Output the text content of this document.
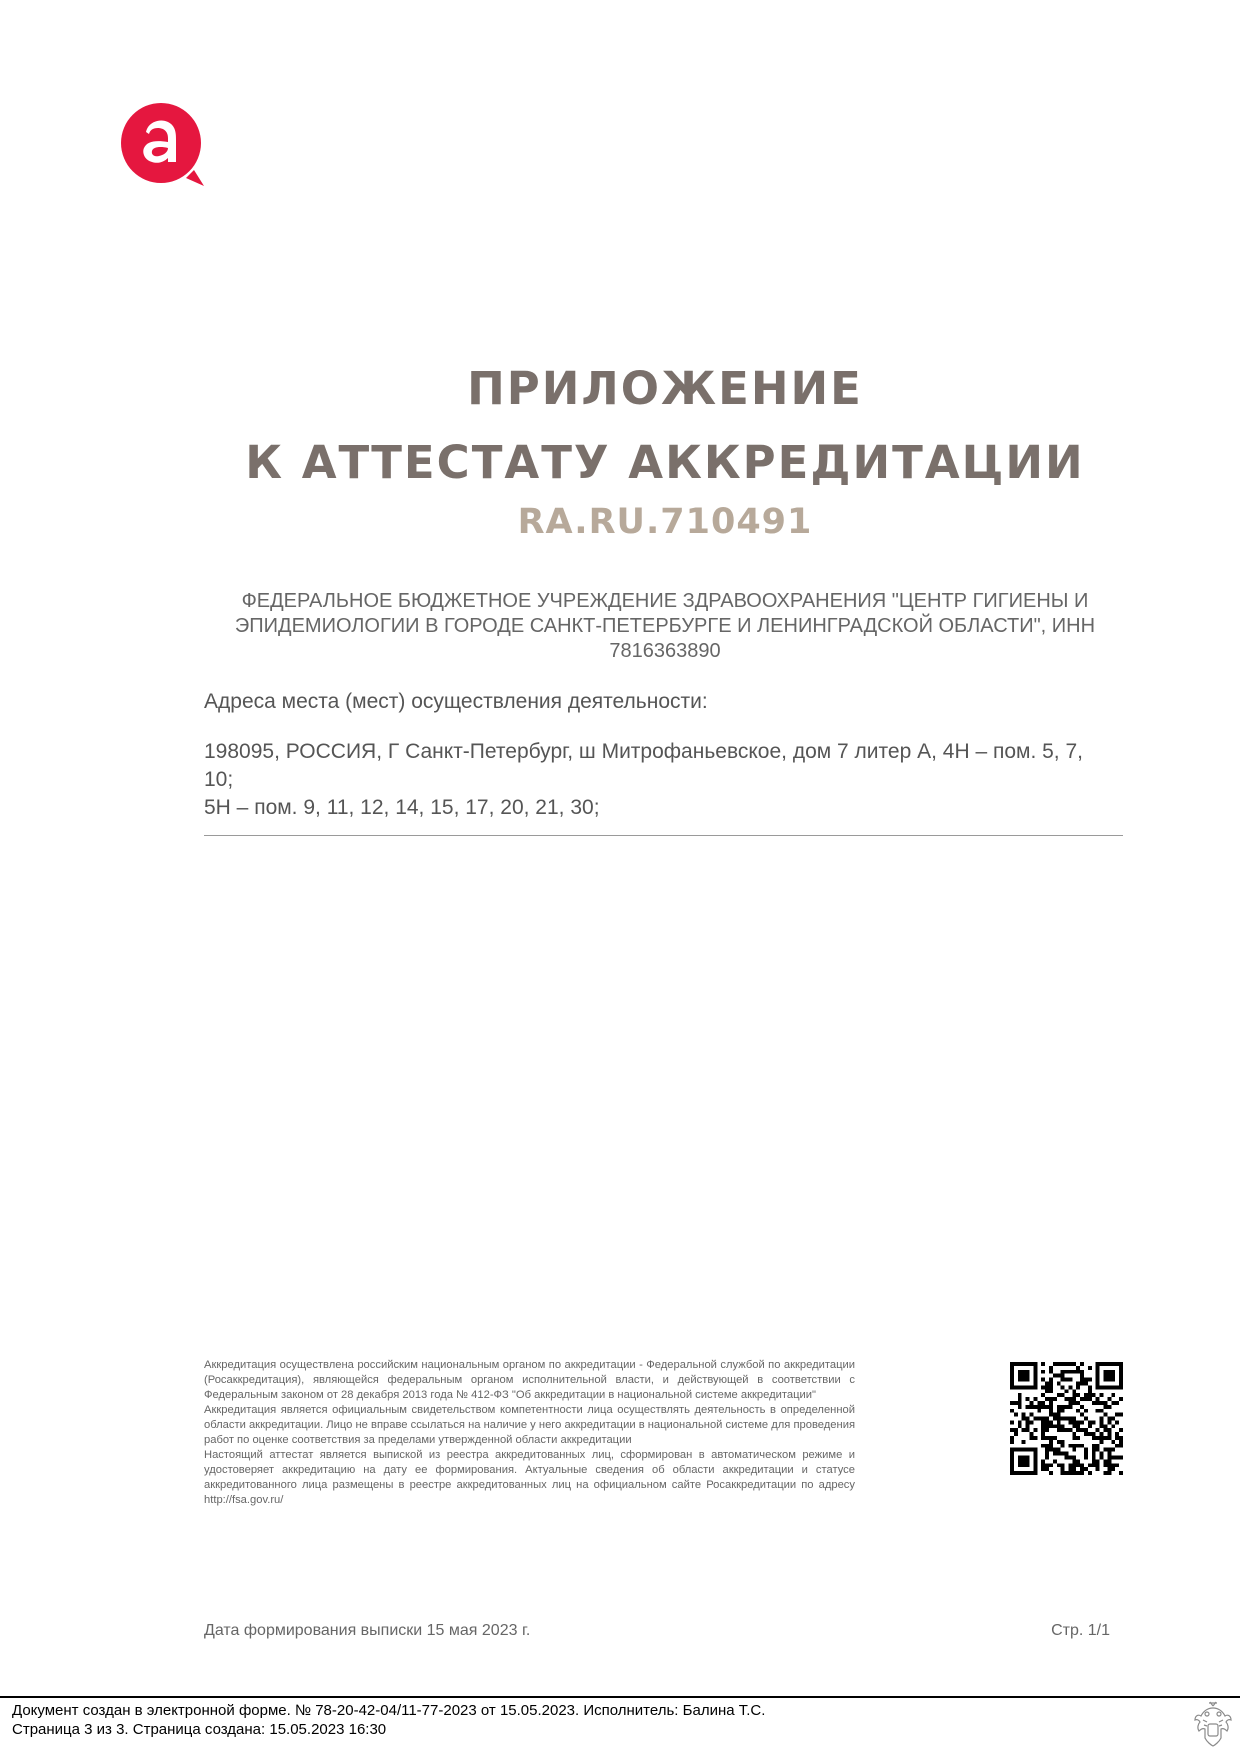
ПРИЛОЖЕНИЕ
К АТТЕСТАТУ АККРЕДИТАЦИИ
RA.RU.710491
ФЕДЕРАЛЬНОЕ БЮДЖЕТНОЕ УЧРЕЖДЕНИЕ ЗДРАВООХРАНЕНИЯ "ЦЕНТР ГИГИЕНЫ И ЭПИДЕМИОЛОГИИ В ГОРОДЕ САНКТ-ПЕТЕРБУРГЕ И ЛЕНИНГРАДСКОЙ ОБЛАСТИ", ИНН 7816363890
Адреса места (мест) осуществления деятельности:
198095, РОССИЯ, Г Санкт-Петербург, ш Митрофаньевское, дом 7 литер А, 4Н – пом. 5, 7, 10;
5Н – пом. 9, 11, 12, 14, 15, 17, 20, 21, 30;

Аккредитация осуществлена российским национальным органом по аккредитации - Федеральной службой по аккредитации (Росаккредитация), являющейся федеральным органом исполнительной власти, и действующей в соответствии с Федеральным законом от 28 декабря 2013 года № 412-ФЗ "Об аккредитации в национальной системе аккредитации"

Аккредитация является официальным свидетельством компетентности лица осуществлять деятельность в определенной области аккредитации. Лицо не вправе ссылаться на наличие у него аккредитации в национальной системе для проведения работ по оценке соответствия за пределами утвержденной области аккредитации

Настоящий аттестат является выпиской из реестра аккредитованных лиц, сформирован в автоматическом режиме и удостоверяет аккредитацию на дату ее формирования. Актуальные сведения об области аккредитации и статусе аккредитованного лица размещены в реестре аккредитованных лиц на официальном сайте Росаккредитации по адресу http://fsa.gov.ru/

Дата формирования выписки 15 мая 2023 г.	Стр. 1/1
Документ создан в электронной форме. № 78-20-42-04/11-77-2023 от 15.05.2023. Исполнитель: Балина Т.С.
Страница 3 из 3. Страница создана: 15.05.2023 16:30
